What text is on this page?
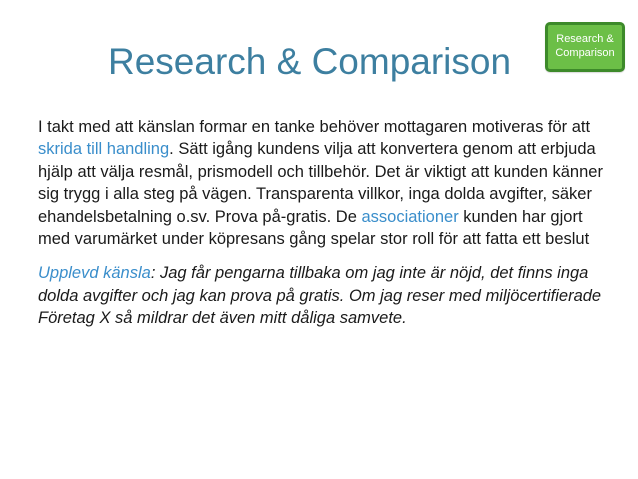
Research & Comparison
Research &
Comparison

I takt med att känslan formar en tanke behöver mottagaren motiveras för att skrida till handling. Sätt igång kundens vilja att konvertera genom att erbjuda hjälp att välja resmål, prismodell och tillbehör. Det är viktigt att kunden känner sig trygg i alla steg på vägen. Transparenta villkor, inga dolda avgifter, säker ehandelsbetalning o.sv. Prova på-gratis. De associationer kunden har gjort med varumärket under köpresans gång spelar stor roll för att fatta ett beslut

Upplevd känsla: Jag får pengarna tillbaka om jag inte är nöjd, det finns inga dolda avgifter och jag kan prova på gratis. Om jag reser med miljöcertifierade Företag X så mildrar det även mitt dåliga samvete.
